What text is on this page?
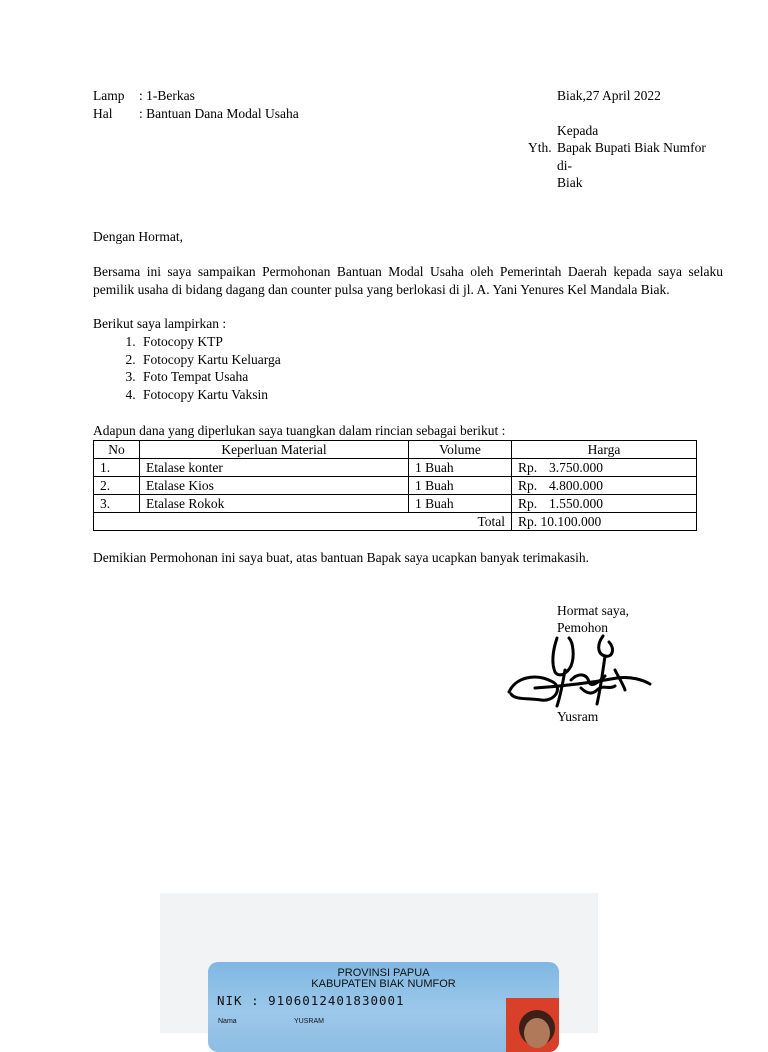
Lamp : 1-Berkas
Hal : Bantuan Dana Modal Usaha
Biak,27 April 2022
Kepada
Yth. Bapak Bupati Biak Numfor
di-
Biak
Dengan Hormat,

Bersama ini saya sampaikan Permohonan Bantuan Modal Usaha oleh Pemerintah Daerah kepada saya selaku pemilik usaha di bidang dagang dan counter pulsa yang berlokasi di jl. A. Yani Yenures Kel Mandala Biak.

Berikut saya lampirkan :
1. Fotocopy KTP
2. Fotocopy Kartu Keluarga
3. Foto Tempat Usaha
4. Fotocopy Kartu Vaksin
Adapun dana yang diperlukan saya tuangkan dalam rincian sebagai berikut :
No	Keperluan Material	Volume	Harga
1.	Etalase konter	1 Buah	Rp. 3.750.000
2.	Etalase Kios	1 Buah	Rp. 4.800.000
3.	Etalase Rokok	1 Buah	Rp. 1.550.000
Total			Rp. 10.100.000
Demikian Permohonan ini saya buat, atas bantuan Bapak saya ucapkan banyak terimakasih.
Hormat saya,
Pemohon
Yusram
PROVINSI PAPUA
KABUPATEN BIAK NUMFOR
NIK : 9106012401830001
Nama	YUSRAM
